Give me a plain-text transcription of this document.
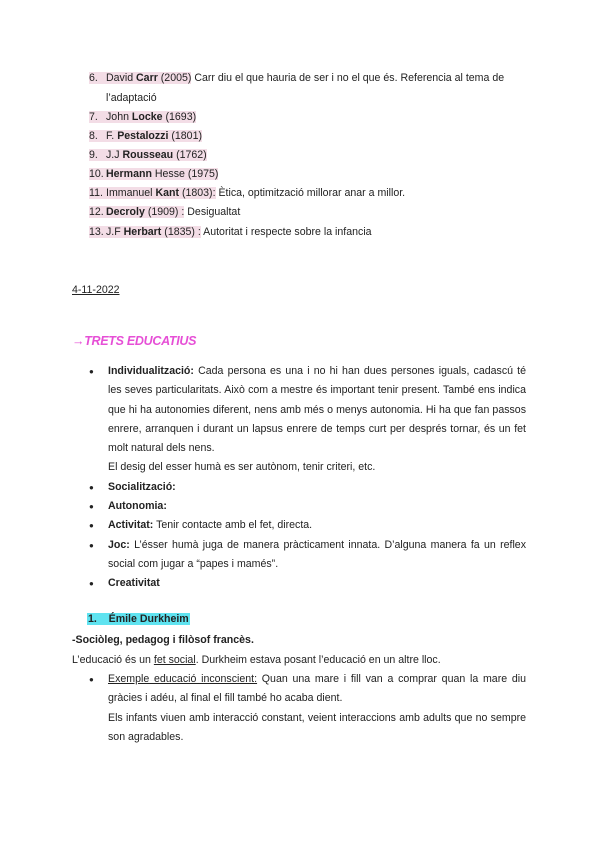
6. David Carr (2005) Carr diu el que hauria de ser i no el que és. Referencia al tema de
l’adaptació
7. John Locke (1693)
8. F. Pestalozzi (1801)
9. J.J Rousseau (1762)
10. Hermann Hesse (1975)
11. Immanuel Kant (1803): Ètica, optimització millorar anar a millor.
12. Decroly (1909) : Desigualtat
13. J.F Herbart (1835) : Autoritat i respecte sobre la infancia
4-11-2022
→TRETS EDUCATIUS
● Individualització: Cada persona es una i no hi han dues persones iguals, cadascú té les seves particularitats. Això com a mestre és important tenir present. També ens indica que hi ha autonomies diferent, nens amb més o menys autonomia. Hi ha que fan passos enrere, arranquen i durant un lapsus enrere de temps curt per després tornar, és un fet molt natural dels nens.
El desig del esser humà es ser autònom, tenir criteri, etc.
● Socialització:
● Autonomia:
● Activitat: Tenir contacte amb el fet, directa.
● Joc: L’ésser humà juga de manera pràcticament innata. D’alguna manera fa un reflex social com jugar a “papes i mamés”.
● Creativitat
1. Émile Durkheim
-Sociòleg, pedagog i filòsof francès.
L’educació és un fet social. Durkheim estava posant l’educació en un altre lloc.
● Exemple educació inconscient: Quan una mare i fill van a comprar quan la mare diu gràcies i adéu, al final el fill també ho acaba dient.
Els infants viuen amb interacció constant, veient interaccions amb adults que no sempre son agradables.
